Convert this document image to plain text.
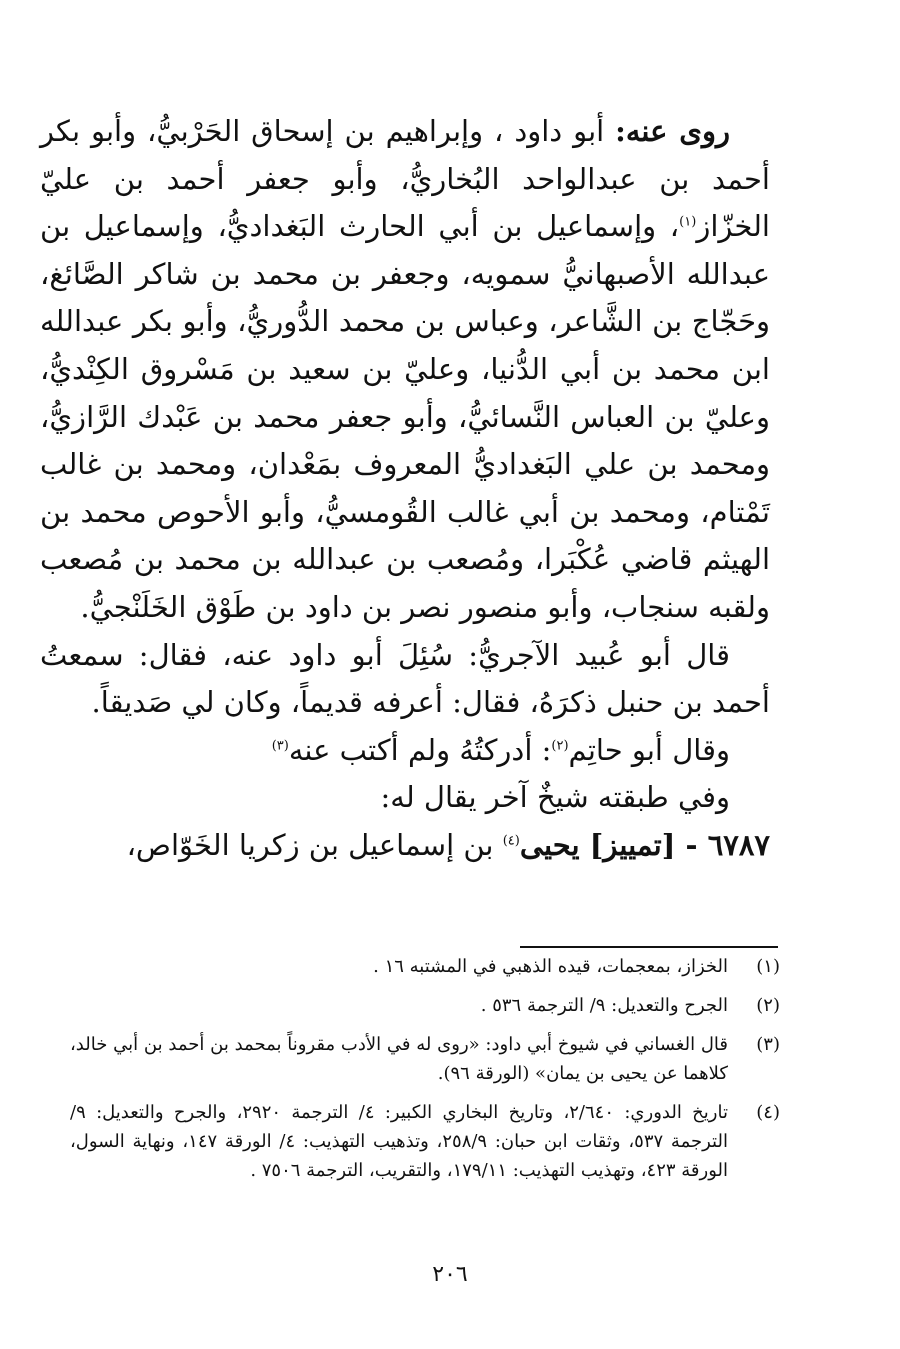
روى عنه: أبو داود ، وإبراهيم بن إسحاق الحَرْبيُّ، وأبو بكر أحمد بن عبدالواحد البُخاريُّ، وأبو جعفر أحمد بن عليّ الخزّاز$^{(١)}$، وإسماعيل بن أبي الحارث البَغداديُّ، وإسماعيل بن عبدالله الأصبهانيُّ سمويه، وجعفر بن محمد بن شاكر الصَّائغ، وحَجّاج بن الشَّاعر، وعباس بن محمد الدُّوريُّ، وأبو بكر عبدالله ابن محمد بن أبي الدُّنيا، وعليّ بن سعيد بن مَسْروق الكِنْديُّ، وعليّ بن العباس النَّسائيُّ، وأبو جعفر محمد بن عَبْدك الرَّازيُّ، ومحمد بن علي البَغداديُّ المعروف بمَعْدان، ومحمد بن غالب تَمْتام، ومحمد بن أبي غالب القُومسيُّ، وأبو الأحوص محمد بن الهيثم قاضي عُكْبَرا، ومُصعب بن عبدالله بن محمد بن مُصعب ولقبه سنجاب، وأبو منصور نصر بن داود بن طَوْق الخَلَنْجيُّ.

قال أبو عُبيد الآجريُّ: سُئِلَ أبو داود عنه، فقال: سمعتُ أحمد بن حنبل ذكرَهُ، فقال: أعرفه قديماً، وكان لي صَديقاً.

وقال أبو حاتِم$^{(٢)}$: أدركتُهُ ولم أكتب عنه$^{(٣)}$

وفي طبقته شيخٌ آخر يقال له:

٦٧٨٧ - [تمييز] يحيى$^{(٤)}$ بن إسماعيل بن زكريا الخَوّاص،

(١)
الخزاز، بمعجمات، قيده الذهبي في المشتبه ١٦ .
(٢)
الجرح والتعديل: ٩/ الترجمة ٥٣٦ .
(٣)
قال الغساني في شيوخ أبي داود: «روى له في الأدب مقروناً بمحمد بن أحمد بن أبي خالد، كلاهما عن يحيى بن يمان» (الورقة ٩٦).
(٤)
تاريخ الدوري: ٢/٦٤٠، وتاريخ البخاري الكبير: ٤/ الترجمة ٢٩٢٠، والجرح والتعديل: ٩/ الترجمة ٥٣٧، وثقات ابن حبان: ٢٥٨/٩، وتذهيب التهذيب: ٤/ الورقة ١٤٧، ونهاية السول، الورقة ٤٢٣، وتهذيب التهذيب: ١٧٩/١١، والتقريب، الترجمة ٧٥٠٦ .
٢٠٦
